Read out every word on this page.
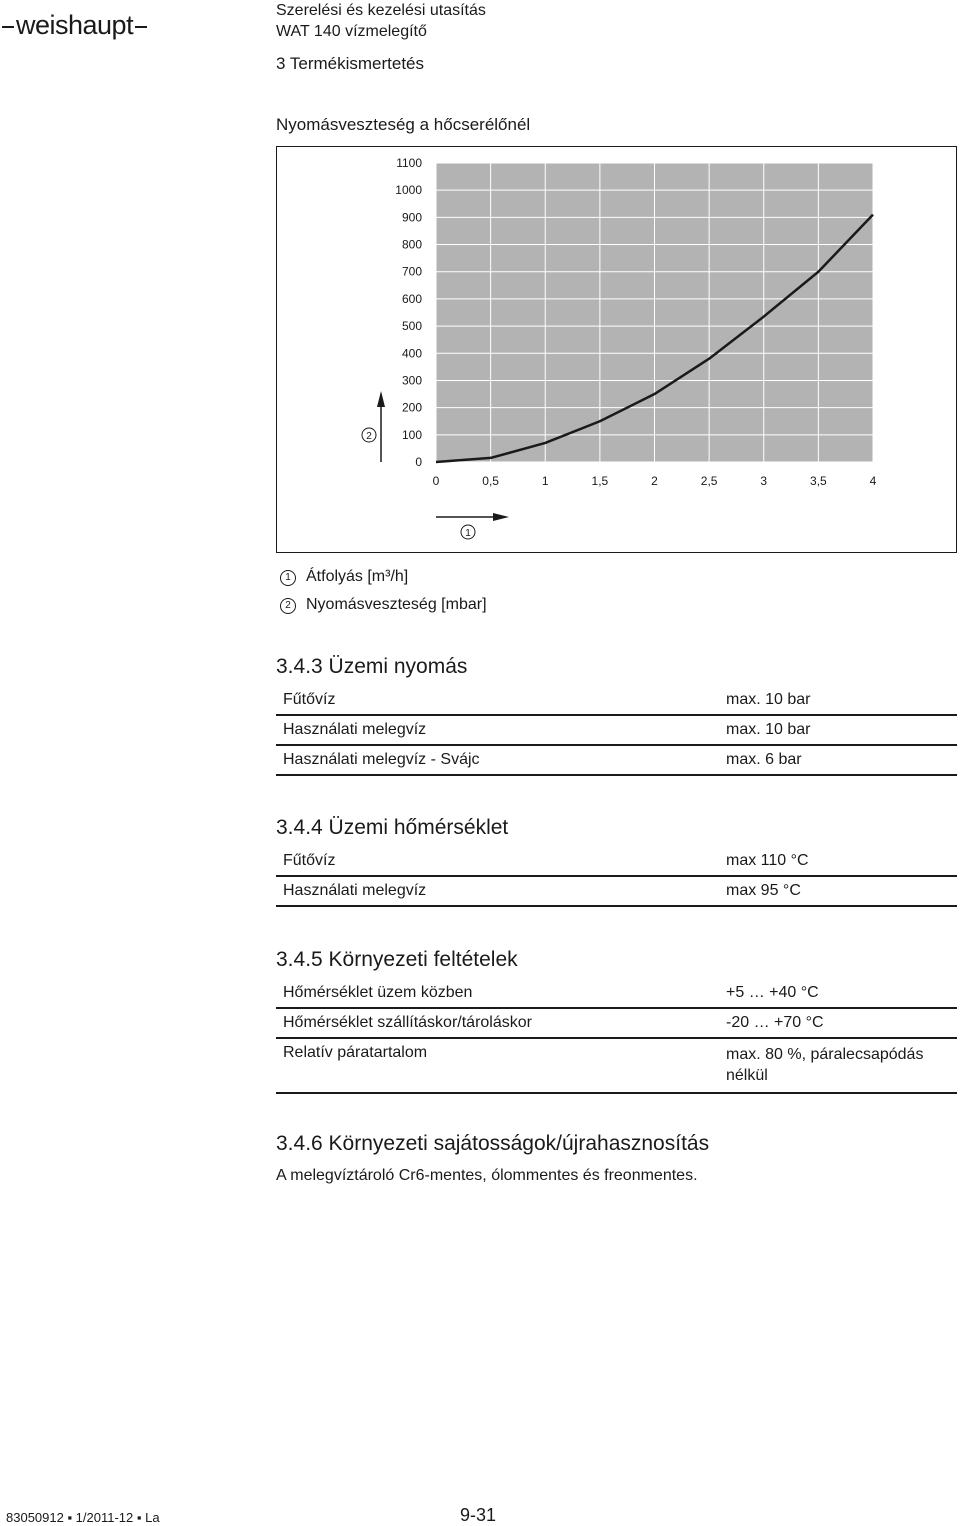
weishaupt	Szerelési és kezelési utasítás
WAT 140 vízmelegítő
3 Termékismertetés
Nyomásveszteség a hőcserélőnél
0
100
200
300
400
500
600
700
800
900
1000
1100
0	0,5	1	1,5	2	2,5	3	3,5	4
2
1
1 Átfolyás [m³/h]
2 Nyomásveszteség [mbar]
3.4.3 Üzemi nyomás
Fűtővíz	max. 10 bar
Használati melegvíz	max. 10 bar
Használati melegvíz - Svájc	max. 6 bar
3.4.4 Üzemi hőmérséklet
Fűtővíz	max 110 °C
Használati melegvíz	max 95 °C
3.4.5 Környezeti feltételek
Hőmérséklet üzem közben	+5 … +40 °C
Hőmérséklet szállításkor/tároláskor	-20 … +70 °C
Relatív páratartalom	max. 80 %, páralecsapódás nélkül
3.4.6 Környezeti sajátosságok/újrahasznosítás
A melegvíztároló Cr6-mentes, ólommentes és freonmentes.
83050912 ▪ 1/2011-12 ▪ La	9-31
